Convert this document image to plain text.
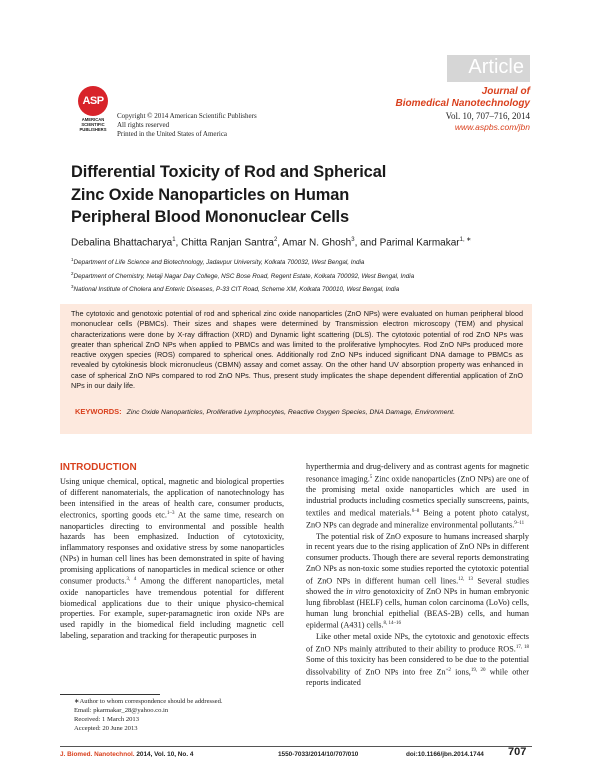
ASP
AMERICAN
SCIENTIFIC
PUBLISHERS
Copyright © 2014 American Scientific Publishers
All rights reserved
Printed in the United States of America
Article
Journal of
Biomedical Nanotechnology
Vol. 10, 707–716, 2014
www.aspbs.com/jbn
Differential Toxicity of Rod and Spherical
Zinc Oxide Nanoparticles on Human
Peripheral Blood Mononuclear Cells
Debalina Bhattacharya$^1$, Chitta Ranjan Santra$^2$, Amar N. Ghosh$^3$, and Parimal Karmakar$^{1, ∗}$
$^1$Department of Life Science and Biotechnology, Jadavpur University, Kolkata 700032, West Bengal, India
$^2$Department of Chemistry, Netaji Nagar Day College, NSC Bose Road, Regent Estate, Kolkata 700092, West Bengal, India
$^3$National Institute of Cholera and Enteric Diseases, P-33 CIT Road, Scheme XM, Kolkata 700010, West Bengal, India
The cytotoxic and genotoxic potential of rod and spherical zinc oxide nanoparticles (ZnO NPs) were evaluated on human peripheral blood mononuclear cells (PBMCs). Their sizes and shapes were determined by Transmission electron microscopy (TEM) and physical characterizations were done by X-ray diffraction (XRD) and Dynamic light scattering (DLS). The cytotoxic potential of rod ZnO NPs was greater than spherical ZnO NPs when applied to PBMCs and was limited to the proliferative lymphocytes. Rod ZnO NPs produced more reactive oxygen species (ROS) compared to spherical ones. Additionally rod ZnO NPs induced significant DNA damage to PBMCs as revealed by cytokinesis block micronucleus (CBMN) assay and comet assay. On the other hand UV absorption property was enhanced in case of spherical ZnO NPs compared to rod ZnO NPs. Thus, present study implicates the shape dependent differential application of ZnO NPs in our daily life.
KEYWORDS: Zinc Oxide Nanoparticles, Proliferative Lymphocytes, Reactive Oxygen Species, DNA Damage, Environment.
INTRODUCTION

Using unique chemical, optical, magnetic and biological properties of different nanomaterials, the application of nanotechnology has been intensified in the areas of health care, consumer products, electronics, sporting goods etc.$^{1-3}$ At the same time, research on nanoparticles directing to environmental and possible health hazards has been emphasized. Induction of cytotoxicity, inflammatory responses and oxidative stress by some nanoparticles (NPs) in human cell lines has been demonstrated in spite of having promising applications of nanoparticles in medical science or other consumer products.$^{3, 4}$ Among the different nanoparticles, metal oxide nanoparticles have tremendous potential for different biomedical applications due to their unique physico-chemical properties. For example, super-paramagnetic iron oxide NPs are used rapidly in the biomedical field including magnetic cell labeling, separation and tracking for therapeutic purposes in

hyperthermia and drug-delivery and as contrast agents for magnetic resonance imaging.$^5$ Zinc oxide nanoparticles (ZnO NPs) are one of the promising metal oxide nanoparticles which are used in industrial products including cosmetics specially sunscreens, paints, textiles and medical materials.$^{6-8}$ Being a potent photo catalyst, ZnO NPs can degrade and mineralize environmental pollutants.$^{9-11}$

The potential risk of ZnO exposure to humans increased sharply in recent years due to the rising application of ZnO NPs in different consumer products. Though there are several reports demonstrating ZnO NPs as non-toxic some studies reported the cytotoxic potential of ZnO NPs in different human cell lines.$^{12, 13}$ Several studies showed the in vitro genotoxicity of ZnO NPs in human embryonic lung fibroblast (HELF) cells, human colon carcinoma (LoVo) cells, human lung bronchial epithelial (BEAS-2B) cells, and human epidermal (A431) cells.$^{8, 14-16}$

Like other metal oxide NPs, the cytotoxic and genotoxic effects of ZnO NPs mainly attributed to their ability to produce ROS.$^{17, 18}$ Some of this toxicity has been considered to be due to the potential dissolvability of ZnO NPs into free $Zn^{+2}$ ions,$^{19, 20}$ while other reports indicated

∗Author to whom correspondence should be addressed.
Email: pkarmakar_28@yahoo.co.in
Received: 1 March 2013
Accepted: 20 June 2013
J. Biomed. Nanotechnol. 2014, Vol. 10, No. 4	1550-7033/2014/10/707/010	doi:10.1166/jbn.2014.1744 707
